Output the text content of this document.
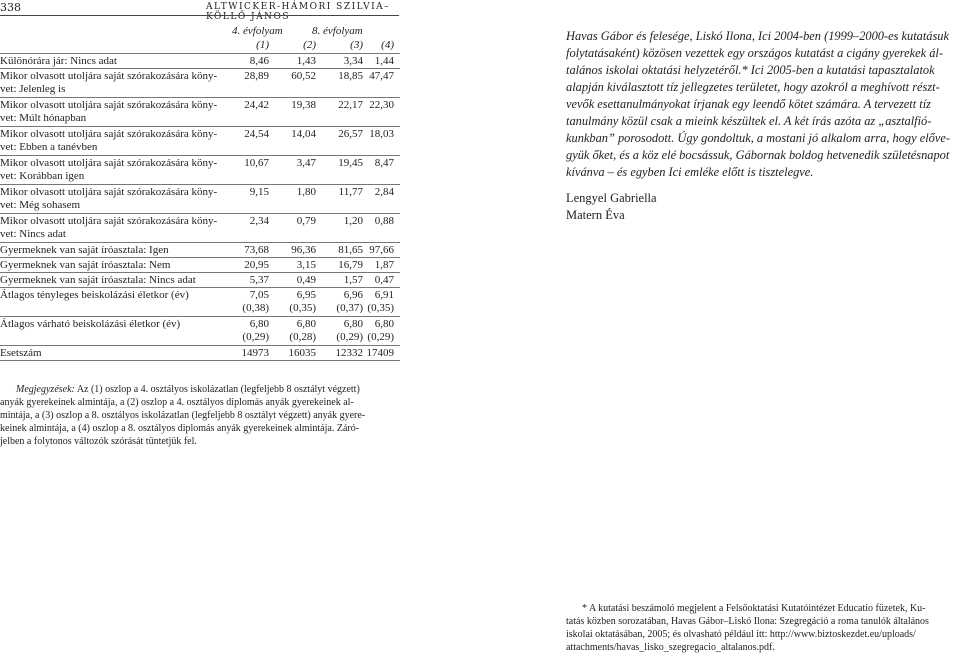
338	ALTWICKER-HÁMORI SZILVIA–KÖLLŐ JÁNOS
4. évfolyam	8. évfolyam
(1)	(2)	(3)	(4)
Különórára jár: Nincs adat	8,46	1,43	3,34	1,44
Mikor olvasott utoljára saját szórakozására köny-
vet: Jelenleg is
28,89	60,52	18,85 47,47
Mikor olvasott utoljára saját szórakozására köny-
vet: Múlt hónapban
24,42	19,38	22,17 22,30
Mikor olvasott utoljára saját szórakozására köny-
vet: Ebben a tanévben
24,54	14,04	26,57 18,03
Mikor olvasott utoljára saját szórakozására köny-
vet: Korábban igen
10,67	3,47	19,45	8,47
Mikor olvasott utoljára saját szórakozására köny-
vet: Még sohasem
9,15	1,80	11,77	2,84
Mikor olvasott utoljára saját szórakozására köny-
vet: Nincs adat
2,34	0,79	1,20	0,88
Gyermeknek van saját íróasztala: Igen	73,68	96,36	81,65 97,66
Gyermeknek van saját íróasztala: Nem	20,95	3,15	16,79	1,87
Gyermeknek van saját íróasztala: Nincs adat	5,37	0,49	1,57	0,47
Átlagos tényleges beiskolázási életkor (év)	7,05	6,95	6,96	6,91
(0,38)	(0,35)	(0,37) (0,35)
Átlagos várható beiskolázási életkor (év)	6,80	6,80	6,80	6,80
(0,29)	(0,28)	(0,29) (0,29)
Esetszám	14973	16035	12332 17409
Megjegyzések: Az (1) oszlop a 4. osztályos iskolázatlan (legfeljebb 8 osztályt végzett)
anyák gyerekeinek almintája, a (2) oszlop a 4. osztályos diplomás anyák gyerekeinek al-
mintája, a (3) oszlop a 8. osztályos iskolázatlan (legfeljebb 8 osztályt végzett) anyák gyere-
keinek almintája, a (4) oszlop a 8. osztályos diplomás anyák gyerekeinek almintája. Záró-
jelben a folytonos változók szórását tüntetjük fel.
Havas Gábor és felesége, Liskó Ilona, Ici 2004-ben (1999–2000-es kutatásuk
folytatásaként) közösen vezettek egy országos kutatást a cigány gyerekek ál-
talános iskolai oktatási helyzetéről.* Ici 2005-ben a kutatási tapasztalatok
alapján kiválasztott tíz jellegzetes területet, hogy azokról a meghívott részt-
vevők esettanulmányokat írjanak egy leendő kötet számára. A tervezett tíz
tanulmány közül csak a mieink készültek el. A két írás azóta az „asztalfió-
kunkban” porosodott. Úgy gondoltuk, a mostani jó alkalom arra, hogy előve-
gyük őket, és a köz elé bocsássuk, Gábornak boldog hetvenedik születésnapot
kívánva – és egyben Ici emléke előtt is tisztelegve.
Lengyel Gabriella
Matern Éva
* A kutatási beszámoló megjelent a Felsőoktatási Kutatóintézet Educatio füzetek, Ku-
tatás közben sorozatában, Havas Gábor–Liskó Ilona: Szegregáció a roma tanulók általános
iskolai oktatásában, 2005; és olvasható például itt: http://www.biztoskezdet.eu/uploads/
attachments/havas_lisko_szegregacio_altalanos.pdf.
